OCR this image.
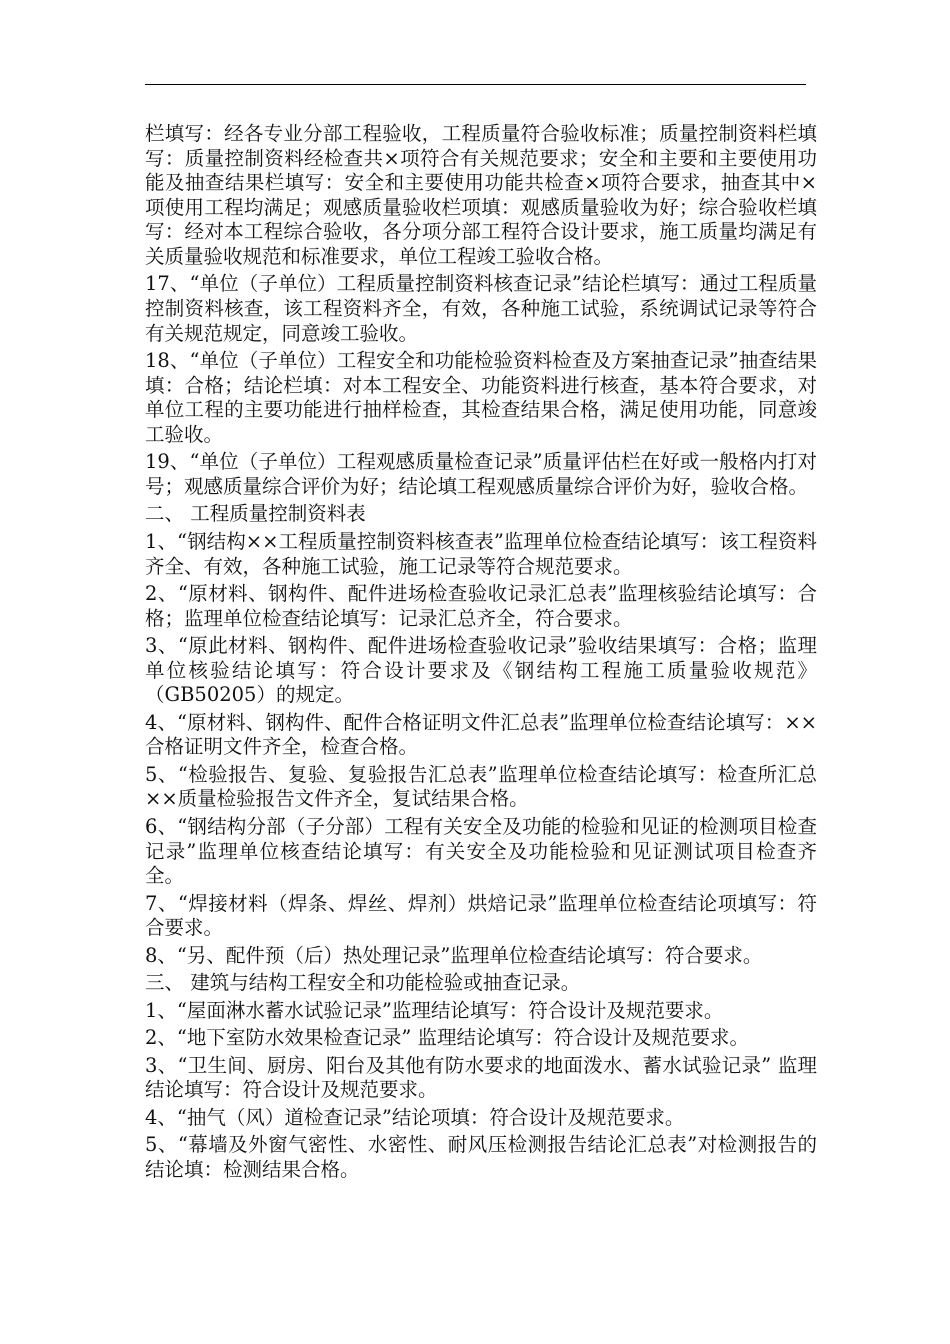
栏填写：经各专业分部工程验收，工程质量符合验收标准；质量控制资料栏填写：质量控制资料经检查共×项符合有关规范要求；安全和主要和主要使用功能及抽查结果栏填写：安全和主要使用功能共检查×项符合要求，抽查其中×项使用工程均满足；观感质量验收栏项填：观感质量验收为好；综合验收栏填写：经对本工程综合验收，各分项分部工程符合设计要求，施工质量均满足有关质量验收规范和标准要求，单位工程竣工验收合格。

17、“单位（子单位）工程质量控制资料核查记录”结论栏填写：通过工程质量控制资料核查，该工程资料齐全，有效，各种施工试验，系统调试记录等符合有关规范规定，同意竣工验收。

18、“单位（子单位）工程安全和功能检验资料检查及方案抽查记录”抽查结果填：合格；结论栏填：对本工程安全、功能资料进行核查，基本符合要求，对单位工程的主要功能进行抽样检查，其检查结果合格，满足使用功能，同意竣工验收。

19、“单位（子单位）工程观感质量检查记录”质量评估栏在好或一般格内打对号；观感质量综合评价为好；结论填工程观感质量综合评价为好，验收合格。

二、 工程质量控制资料表

1、“钢结构××工程质量控制资料核查表”监理单位检查结论填写：该工程资料齐全、有效，各种施工试验，施工记录等符合规范要求。

2、“原材料、钢构件、配件进场检查验收记录汇总表”监理核验结论填写：合格；监理单位检查结论填写：记录汇总齐全，符合要求。

3、“原此材料、钢构件、配件进场检查验收记录”验收结果填写：合格；监理单位核验结论填写：符合设计要求及《钢结构工程施工质量验收规范》（GB50205）的规定。

4、“原材料、钢构件、配件合格证明文件汇总表”监理单位检查结论填写：××合格证明文件齐全，检查合格。

5、“检验报告、复验、复验报告汇总表”监理单位检查结论填写：检查所汇总××质量检验报告文件齐全，复试结果合格。

6、“钢结构分部（子分部）工程有关安全及功能的检验和见证的检测项目检查记录”监理单位核查结论填写：有关安全及功能检验和见证测试项目检查齐全。

7、“焊接材料（焊条、焊丝、焊剂）烘焙记录”监理单位检查结论项填写：符合要求。

8、“另、配件预（后）热处理记录”监理单位检查结论填写：符合要求。

三、 建筑与结构工程安全和功能检验或抽查记录。

1、“屋面淋水蓄水试验记录”监理结论填写：符合设计及规范要求。

2、“地下室防水效果检查记录” 监理结论填写：符合设计及规范要求。

3、“卫生间、厨房、阳台及其他有防水要求的地面泼水、蓄水试验记录” 监理结论填写：符合设计及规范要求。

4、“抽气（风）道检查记录”结论项填：符合设计及规范要求。

5、“幕墙及外窗气密性、水密性、耐风压检测报告结论汇总表”对检测报告的结论填：检测结果合格。
